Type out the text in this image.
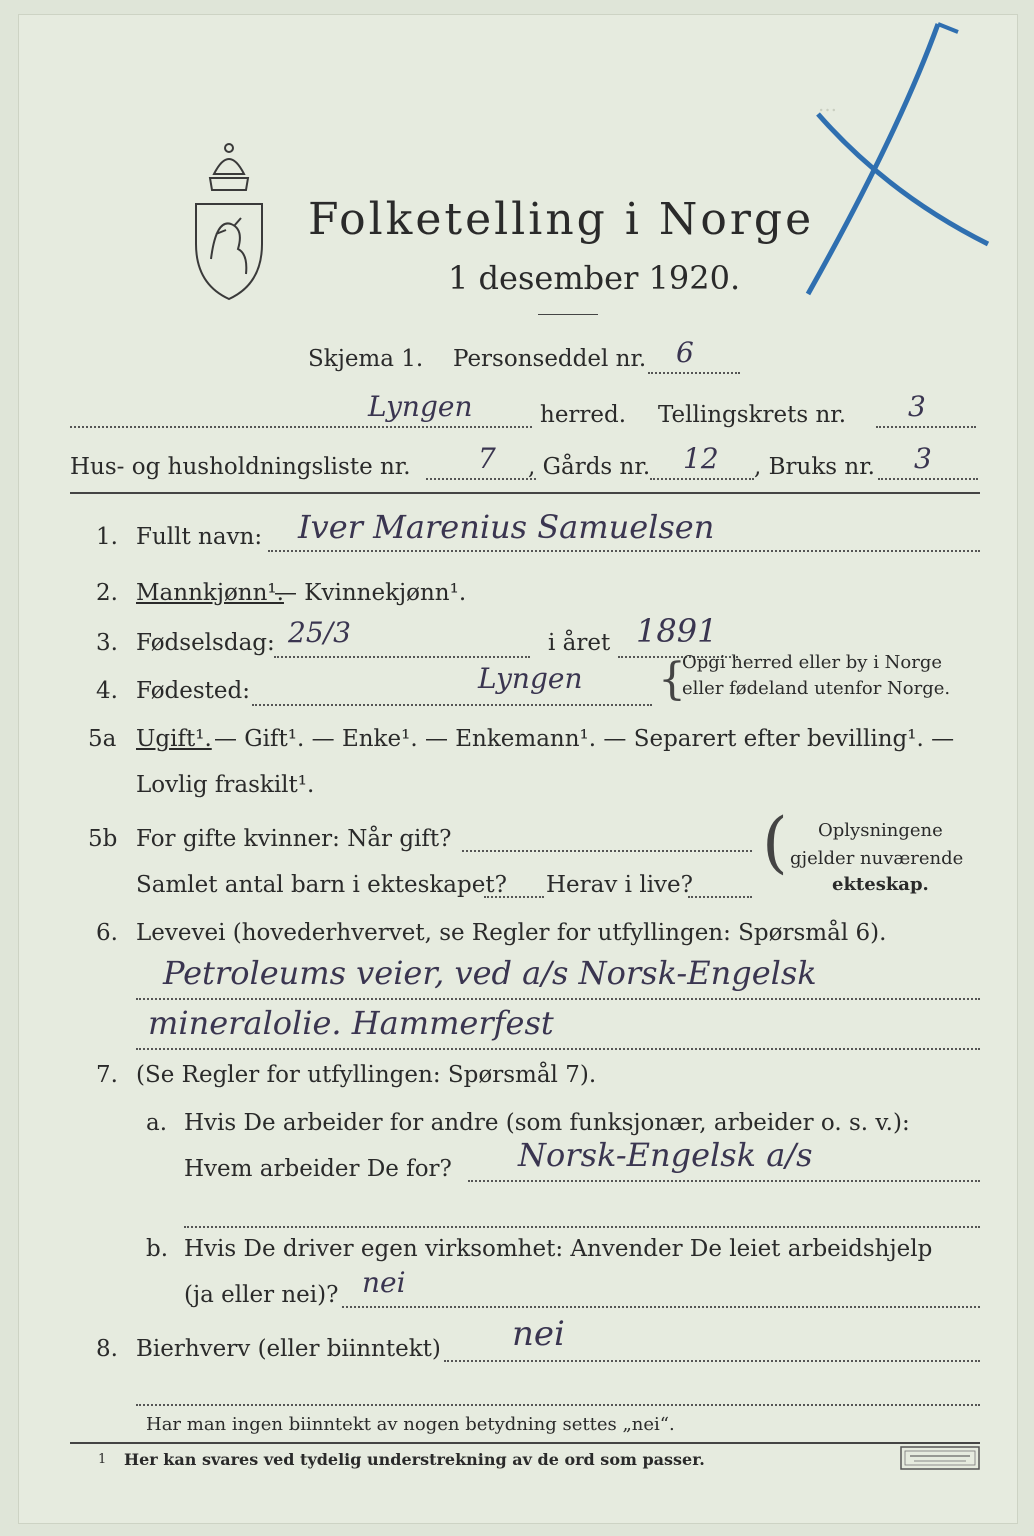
…
Folketelling i Norge
1 desember 1920.
Skjema 1. Personseddel nr. 6
Lyngen	herred. Tellingskrets nr. 3
Hus- og husholdningsliste nr. 7 , Gårds nr. 12 , Bruks nr. 3
1. Fullt navn: Iver Marenius Samuelsen
2. Mannkjønn¹.
— Kvinnekjønn¹.
3. Fødselsdag: 25/3	i året 1891
4. Fødested:	Lyngen {
Opgi herred eller by i Norge
eller fødeland utenfor Norge.
5a Ugift¹. — Gift¹. — Enke¹. — Enkemann¹. — Separert efter bevilling¹. —
Lovlig fraskilt¹.
5b For gifte kvinner: Når gift?
Samlet antal barn i ekteskapet? Herav i live?
( Oplysningene
gjelder nuværende
ekteskap.
6. Levevei (hovederhvervet, se Regler for utfyllingen: Spørsmål 6).
Petroleums veier, ved a/s Norsk-Engelsk
mineralolie. Hammerfest
7. (Se Regler for utfyllingen: Spørsmål 7).
a. Hvis De arbeider for andre (som funksjonær, arbeider o. s. v.):
Hvem arbeider De for? Norsk-Engelsk a/s
b. Hvis De driver egen virksomhet: Anvender De leiet arbeidshjelp
(ja eller nei)? nei
8. Bierhverv (eller biinntekt) nei
Har man ingen biinntekt av nogen betydning settes „nei“.
1 Her kan svares ved tydelig understrekning av de ord som passer.
